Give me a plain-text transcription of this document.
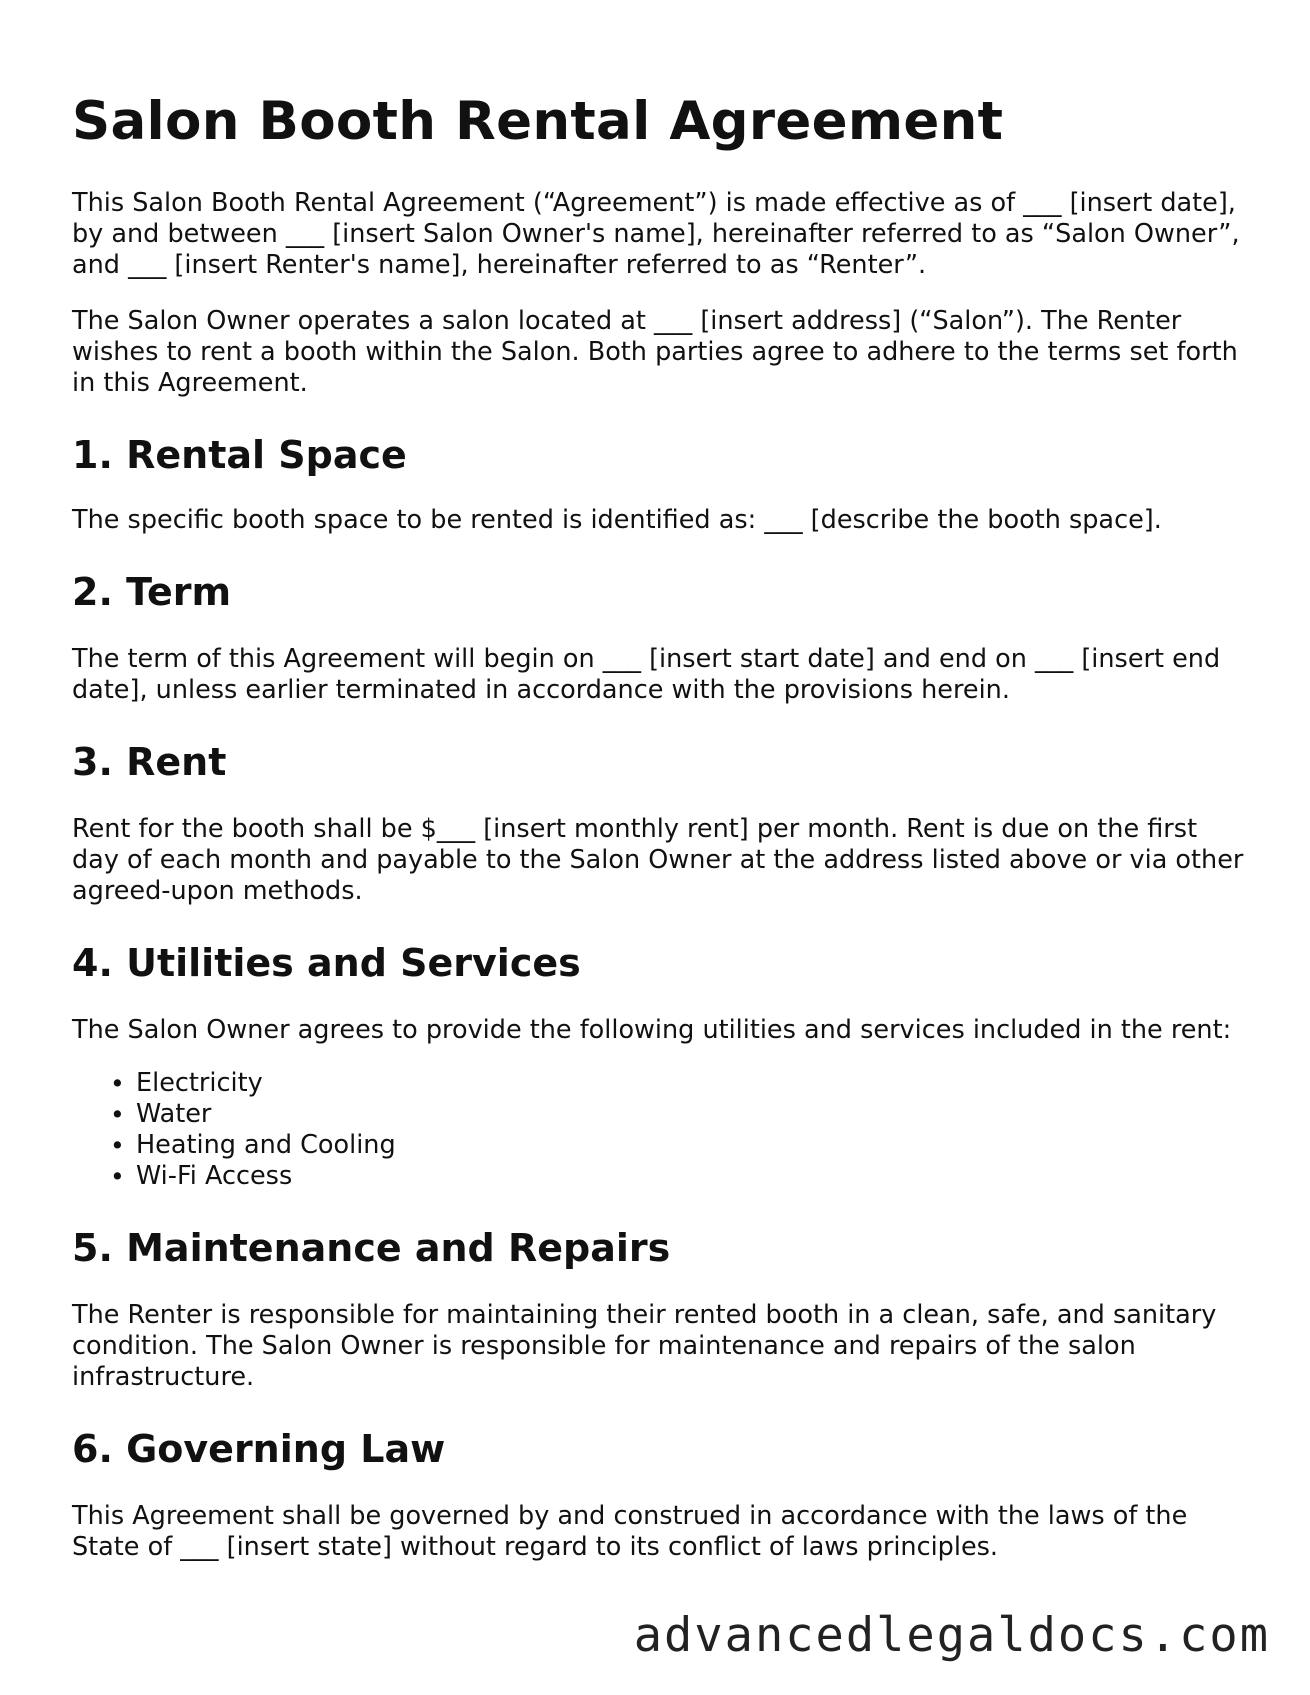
Salon Booth Rental Agreement

This Salon Booth Rental Agreement (“Agreement”) is made effective as of ___ [insert date], by and between ___ [insert Salon Owner's name], hereinafter referred to as “Salon Owner”, and ___ [insert Renter's name], hereinafter referred to as “Renter”.

The Salon Owner operates a salon located at ___ [insert address] (“Salon”). The Renter wishes to rent a booth within the Salon. Both parties agree to adhere to the terms set forth in this Agreement.

1. Rental Space

The specific booth space to be rented is identified as: ___ [describe the booth space].

2. Term

The term of this Agreement will begin on ___ [insert start date] and end on ___ [insert end date], unless earlier terminated in accordance with the provisions herein.

3. Rent

Rent for the booth shall be $___ [insert monthly rent] per month. Rent is due on the first day of each month and payable to the Salon Owner at the address listed above or via other agreed-upon methods.

4. Utilities and Services

The Salon Owner agrees to provide the following utilities and services included in the rent:

• Electricity
• Water
• Heating and Cooling
• Wi-Fi Access
5. Maintenance and Repairs

The Renter is responsible for maintaining their rented booth in a clean, safe, and sanitary condition. The Salon Owner is responsible for maintenance and repairs of the salon infrastructure.

6. Governing Law

This Agreement shall be governed by and construed in accordance with the laws of the State of ___ [insert state] without regard to its conflict of laws principles.

advancedlegaldocs.com
